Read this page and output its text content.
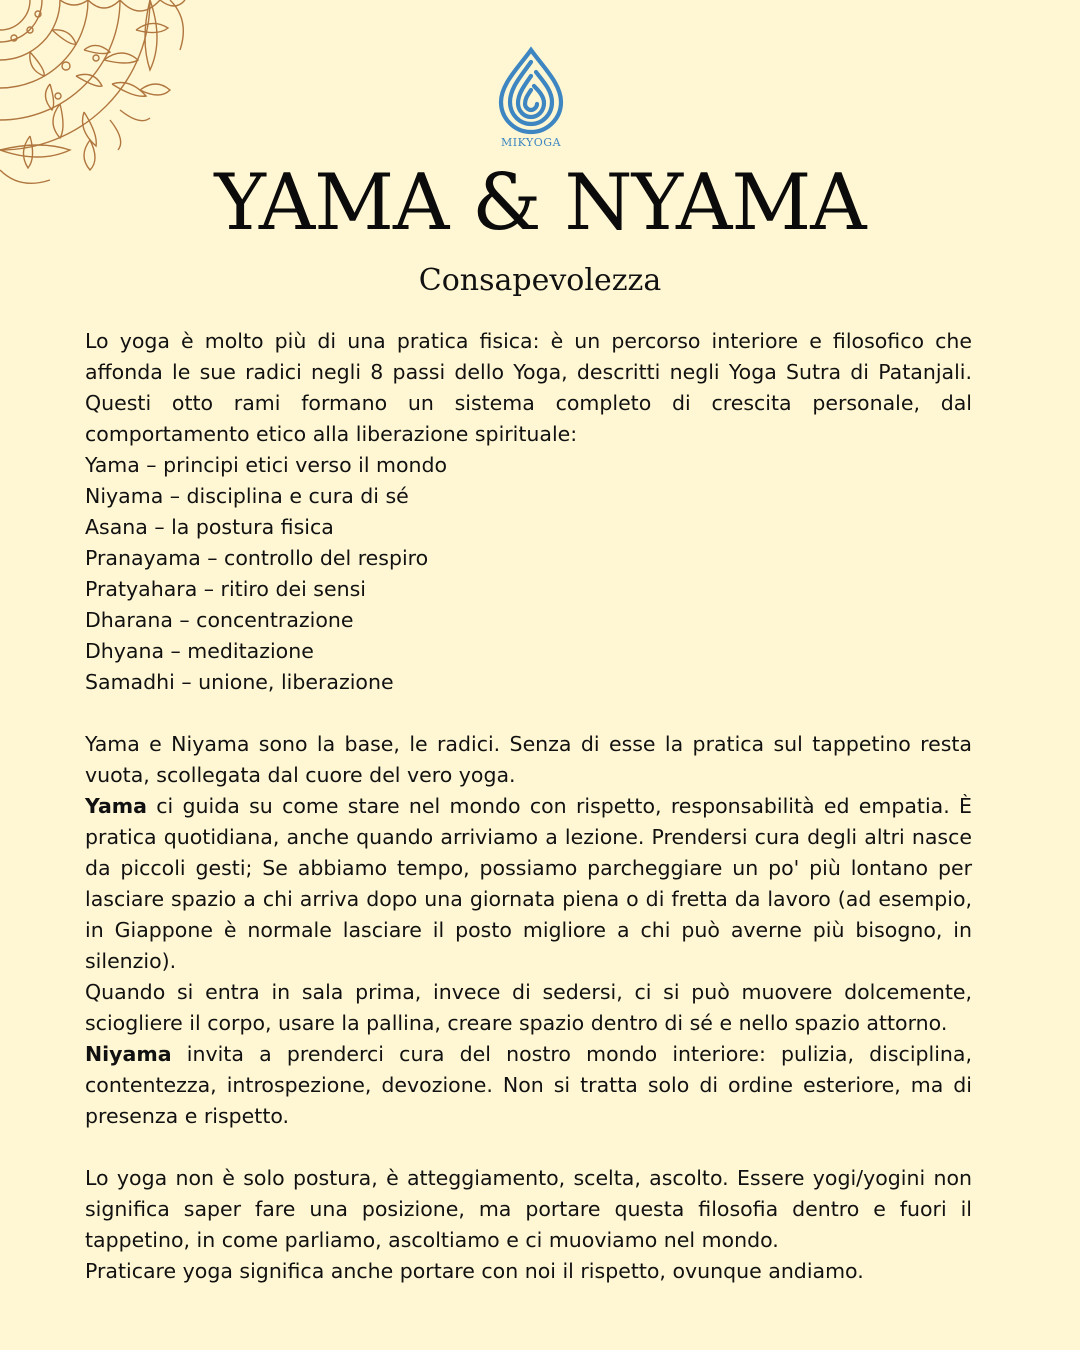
MIKYOGA
YAMA & NYAMA
Consapevolezza

Lo yoga è molto più di una pratica fisica: è un percorso interiore e filosofico che affonda le sue radici negli 8 passi dello Yoga, descritti negli Yoga Sutra di Patanjali. Questi otto rami formano un sistema completo di crescita personale, dal comportamento etico alla liberazione spirituale:

Yama – principi etici verso il mondo
Niyama – disciplina e cura di sé
Asana – la postura fisica
Pranayama – controllo del respiro
Pratyahara – ritiro dei sensi
Dharana – concentrazione
Dhyana – meditazione
Samadhi – unione, liberazione

Yama e Niyama sono la base, le radici. Senza di esse la pratica sul tappetino resta vuota, scollegata dal cuore del vero yoga.

Yama ci guida su come stare nel mondo con rispetto, responsabilità ed empatia. È pratica quotidiana, anche quando arriviamo a lezione. Prendersi cura degli altri nasce da piccoli gesti; Se abbiamo tempo, possiamo parcheggiare un po' più lontano per lasciare spazio a chi arriva dopo una giornata piena o di fretta da lavoro (ad esempio, in Giappone è normale lasciare il posto migliore a chi può averne più bisogno, in silenzio).

Quando si entra in sala prima, invece di sedersi, ci si può muovere dolcemente, sciogliere il corpo, usare la pallina, creare spazio dentro di sé e nello spazio attorno.

Niyama invita a prenderci cura del nostro mondo interiore: pulizia, disciplina, contentezza, introspezione, devozione. Non si tratta solo di ordine esteriore, ma di presenza e rispetto.

Lo yoga non è solo postura, è atteggiamento, scelta, ascolto. Essere yogi/yogini non significa saper fare una posizione, ma portare questa filosofia dentro e fuori il tappetino, in come parliamo, ascoltiamo e ci muoviamo nel mondo.

Praticare yoga significa anche portare con noi il rispetto, ovunque andiamo.
